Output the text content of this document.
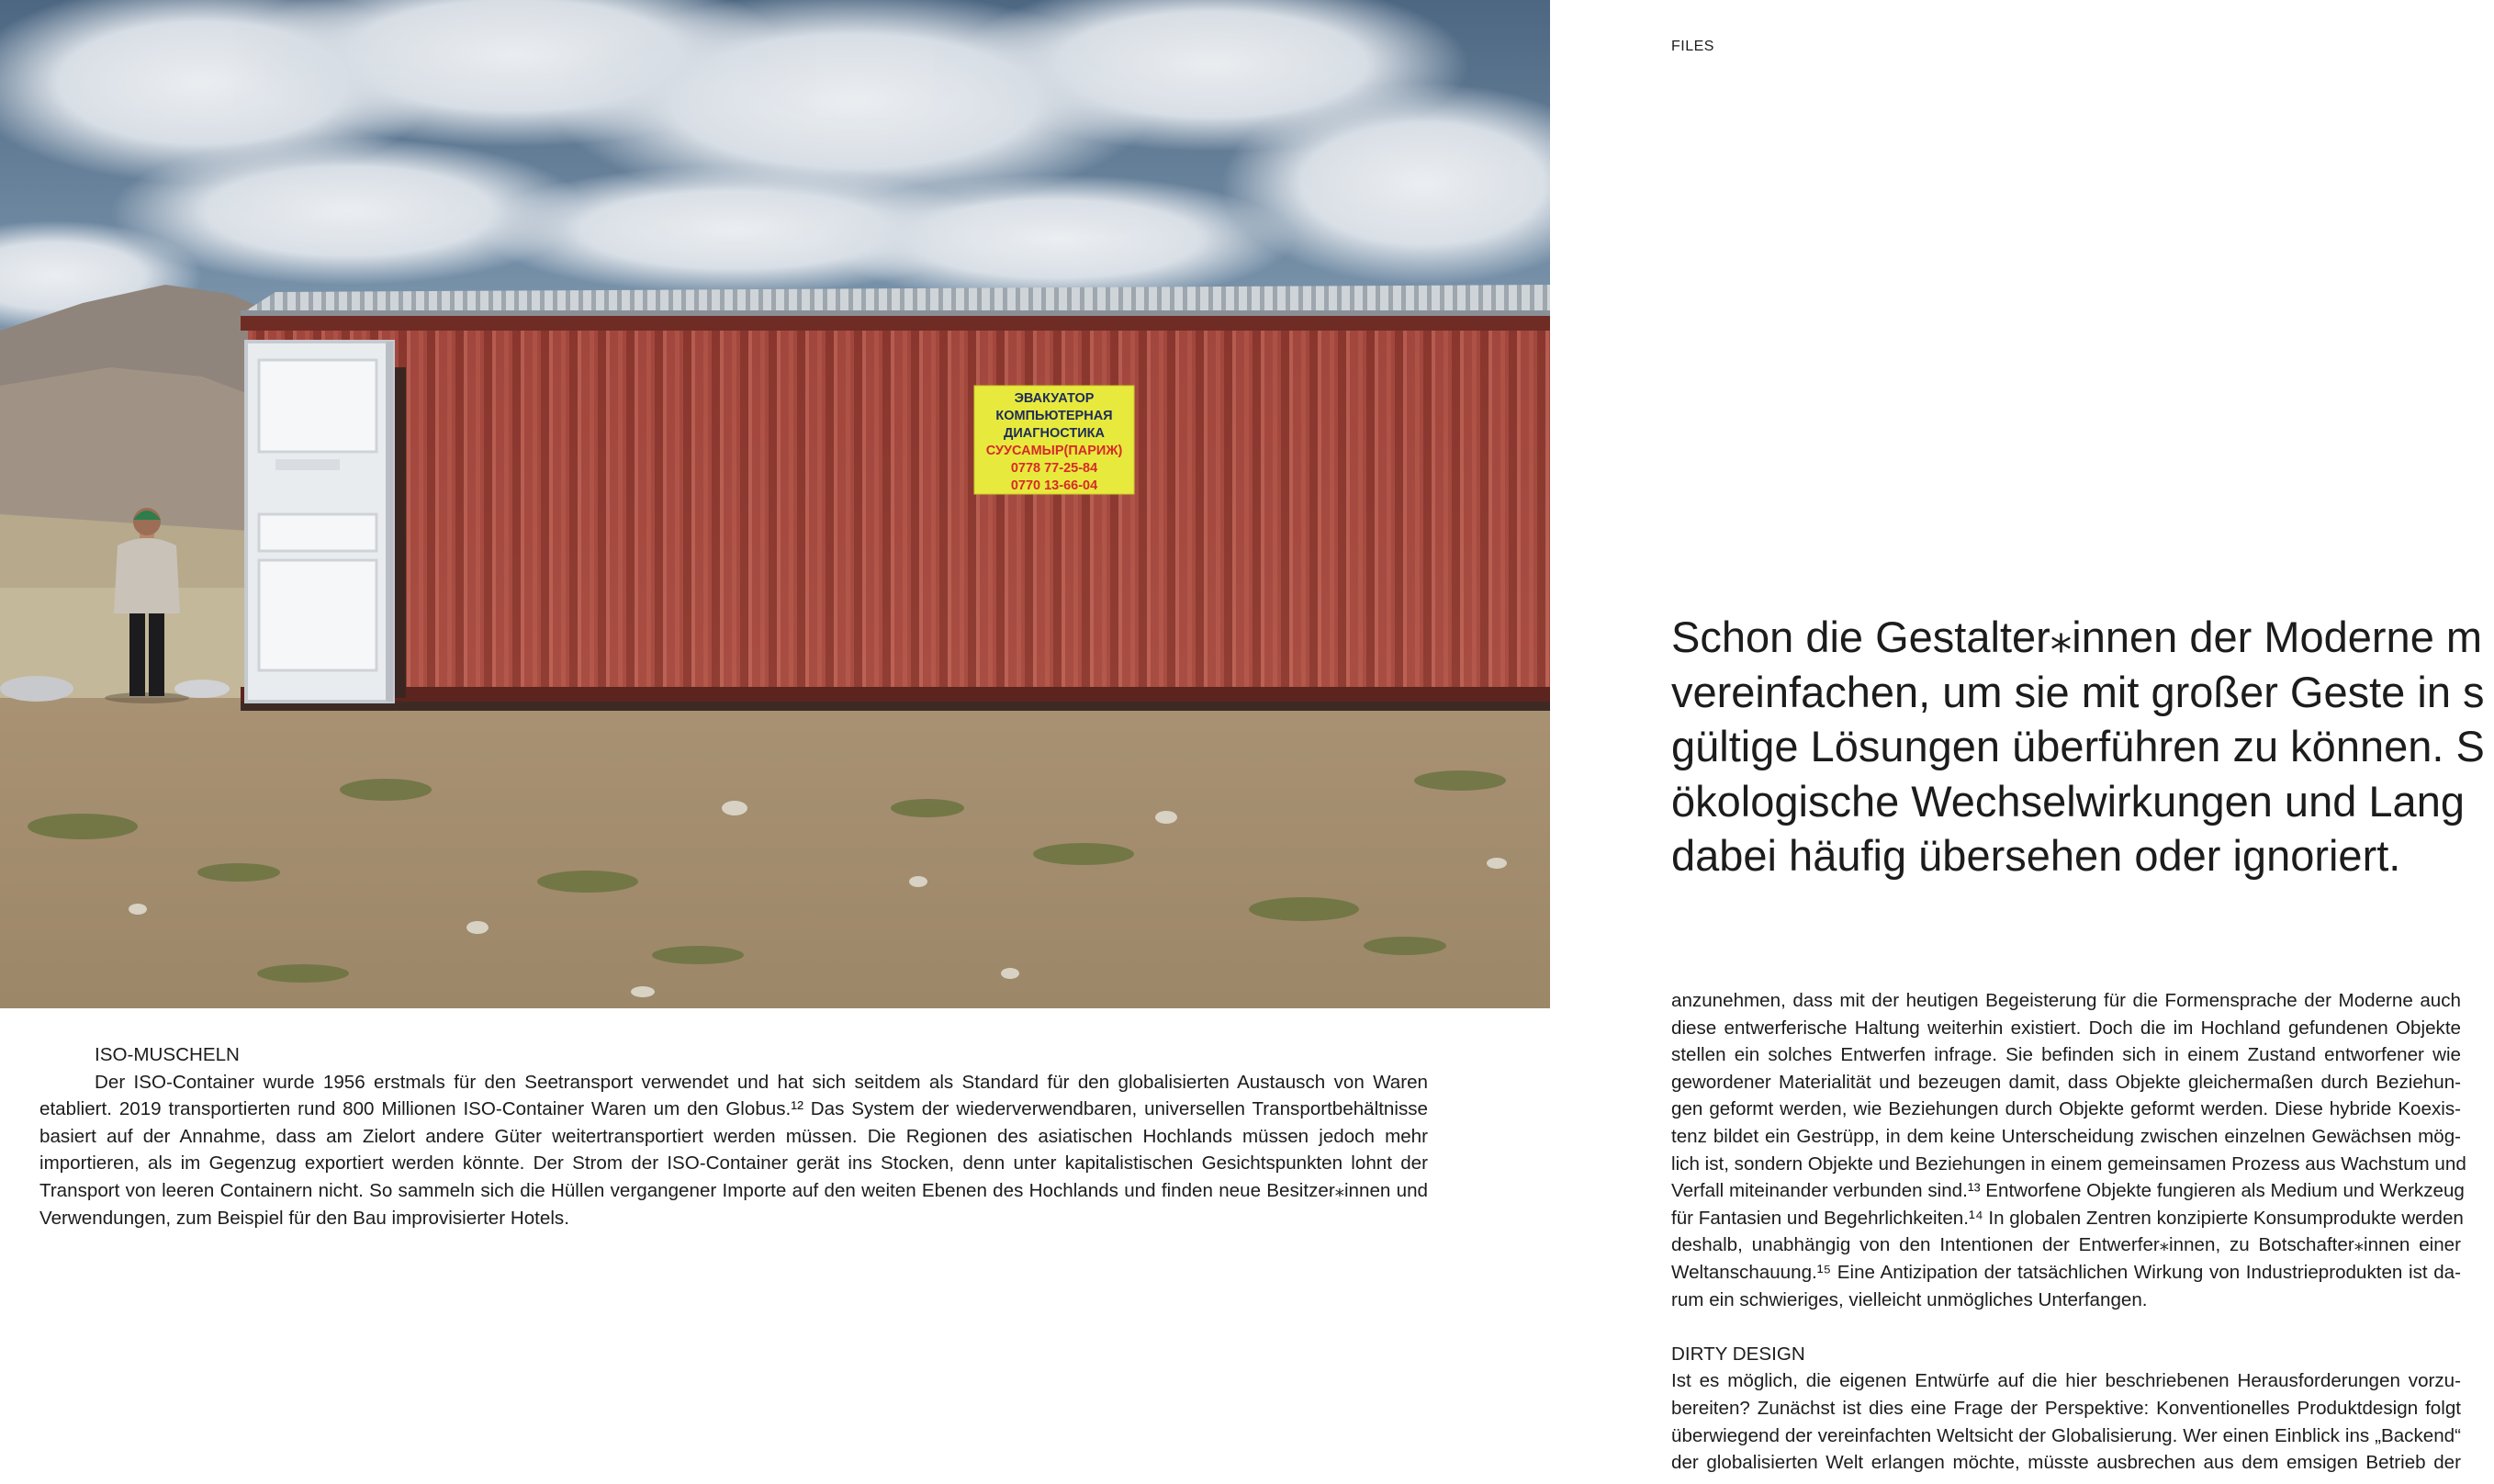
ЭВАКУАТОР
КОМПЬЮТЕРНАЯ
ДИАГНОСТИКА
СУУСАМЫР(ПАРИЖ)
0778 77-25-84
0770 13-66-04
ISO-MUSCHELN
Der ISO-Container wurde 1956 erstmals für den Seetransport verwendet und hat sich seitdem als Standard für den globalisierten Austausch von Waren etabliert. 2019 transportierten rund 800 Millionen ISO-Container Waren um den Globus.¹² Das System der wiederverwendbaren, universellen Transportbehältnisse basiert auf der Annahme, dass am Zielort andere Güter weitertransportiert werden müssen. Die Regionen des asiatischen Hochlands müssen jedoch mehr importieren, als im Gegenzug exportiert werden könnte. Der Strom der ISO-Container gerät ins Stocken, denn unter kapitalistischen Gesichtspunkten lohnt der Transport von leeren Containern nicht. So sammeln sich die Hüllen vergangener Importe auf den weiten Ebenen des Hochlands und finden neue Besitzer⁎innen und Verwendungen, zum Beispiel für den Bau improvisierter Hotels.
FILES
Schon die Gestalter⁎innen der Moderne m
vereinfachen, um sie mit großer Geste in s
gültige Lösungen überführen zu können. S
ökologische Wechselwirkungen und Lang
dabei häufig übersehen oder ignoriert.
anzunehmen, dass mit der heutigen Begeisterung für die Formensprache der Moderne auch
diese entwerferische Haltung weiterhin existiert. Doch die im Hochland gefundenen Objekte
stellen ein solches Entwerfen infrage. Sie befinden sich in einem Zustand entworfener wie
gewordener Materialität und bezeugen damit, dass Objekte gleichermaßen durch Beziehun-
gen geformt werden, wie Beziehungen durch Objekte geformt werden. Diese hybride Koexis-
tenz bildet ein Gestrüpp, in dem keine Unterscheidung zwischen einzelnen Gewächsen mög-
lich ist, sondern Objekte und Beziehungen in einem gemeinsamen Prozess aus Wachstum und
Verfall miteinander verbunden sind.¹³ Entworfene Objekte fungieren als Medium und Werkzeug
für Fantasien und Begehrlichkeiten.¹⁴ In globalen Zentren konzipierte Konsumprodukte werden
deshalb, unabhängig von den Intentionen der Entwerfer⁎innen, zu Botschafter⁎innen einer
Weltanschauung.¹⁵ Eine Antizipation der tatsächlichen Wirkung von Industrieprodukten ist da-
rum ein schwieriges, vielleicht unmögliches Unterfangen.
DIRTY DESIGN
Ist es möglich, die eigenen Entwürfe auf die hier beschriebenen Herausforderungen vorzu-
bereiten? Zunächst ist dies eine Frage der Perspektive: Konventionelles Produktdesign folgt
überwiegend der vereinfachten Weltsicht der Globalisierung. Wer einen Einblick ins „Backend“
der globalisierten Welt erlangen möchte, müsste ausbrechen aus dem emsigen Betrieb der
